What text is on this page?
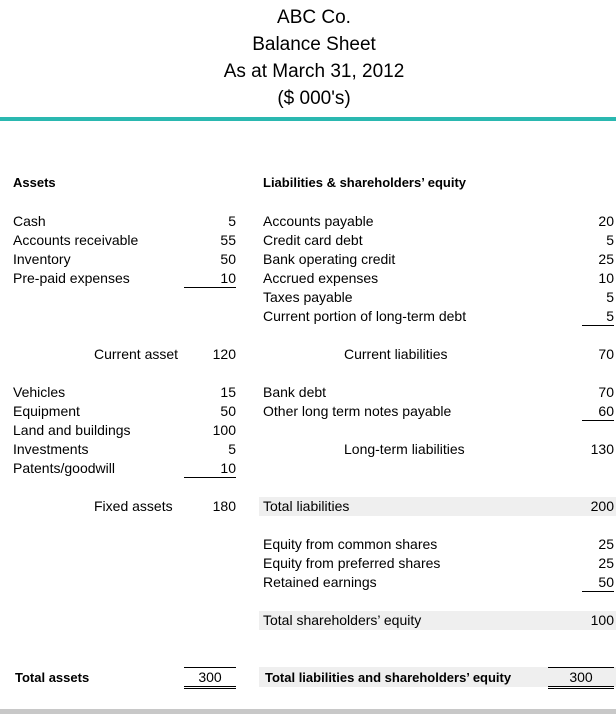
ABC Co.
Balance Sheet
As at March 31, 2012
($ 000's)
Assets
Cash	5
Accounts receivable	55
Inventory	50
Pre-paid expenses	10
Current asset	120
Vehicles	15
Equipment	50
Land and buildings	100
Investments	5
Patents/goodwill	10
Fixed assets	180
Total assets	300
Liabilities & shareholders’ equity
Accounts payable	20
Credit card debt	5
Bank operating credit	25
Accrued expenses	10
Taxes payable	5
Current portion of long-term debt	5
Current liabilities	70
Bank debt	70
Other long term notes payable	60
Long-term liabilities	130
Total liabilities	200
Equity from common shares	25
Equity from preferred shares	25
Retained earnings	50
Total shareholders’ equity	100
Total liabilities and shareholders’ equity	300
